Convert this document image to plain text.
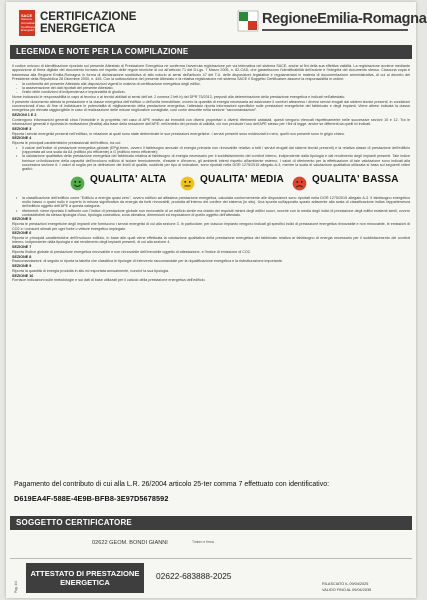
SACE
Sistema
Accreditamento
Certificatori
Energetici
CERTIFICAZIONE ENERGETICA
RegioneEmilia-Romagna
LEGENDA E NOTE PER LA COMPILAZIONE

Il codice univoco di identificazione riportato sul presente Attestato di Prestazione Energetica ne conferma l'avvenuta registrazione per via telematica nel sistema SACE, anche ai fini della sua effettiva validità. La registrazione avviene mediante apposizione di firma digitale del documento formato nel rispetto delle regole tecniche di cui all'articolo 71 del D.Lgs. 7 Marzo 2005, n. 82-CAD, che garantiscono l'identificabilità dell'autore e l'integrità del documento stesso. Ciascuna copia è trasmessa alla Regione Emilia-Romagna in forma di dichiarazione sostitutiva di atto notorio ai sensi dell'articolo 47 del T.U. delle disposizioni legislative e regolamentari in materia di documentazione amministrativa, di cui al decreto del Presidente della Repubblica 28 Dicembre 2000, n. 445. Con la sottoscrizione del presente Attestato e la relativa registrazione nel sistema SACE il Soggetto Certificatore assume la responsabilità in ordine:

- la conformità del presente Attestato alle disposizioni vigenti in materia di certificazione energetica degli edifici,
- la asseverazione dei dati riportati del presente Attestato,
- l'esito delle condizioni di indipendenza e imparzialità di giudizio.

Nome indicando le responsabilità in capo al tecnico o ai tecnici abilitati ai sensi dell'art. 2 comma 2 lett b) del DPR 75/2013, preposti alla determinazione della prestazione energetica e indicati nell'attestato.

Il presente documento attesta la prestazione e la classe energetica dell'edificio o dell'unità immobiliare, ovvero la quantità di energia necessaria ad assicurare il comfort attraverso i diversi servizi erogati dai sistemi tecnici presenti, in condizioni convenzionali d'uso. Al fine di individuare le potenzialità di miglioramento della prestazione energetica, l'attestato riporta informazioni specifiche sulle prestazioni energetiche del fabbricato e degli impianti. Viene altresì indicata la classe energetica più elevata raggiungibile in caso di realizzazione delle misure migliorative consigliate, così come descritte nella sezione "raccomandazioni".

SEZIONI 1 E 2

Contengono informazioni generali circa l'immobile e la proprietà; nel caso di APE relativo ad immobili con diversi proprietari o diversi riferimenti catastali, questi vengono elencati rispettivamente nelle successive sezioni 10 e 12. Tra le informazioni generali è riportata la motivazione (finalità) alla base della redazione dell'APE: nell'ambito del periodo di validità, ciò non preclude l'uso dell'APE stesso per i fini di legge, anche se differenti da quelli ivi indicati.

SEZIONE 3

Riporta i servizi energetici presenti nell'edificio, in relazione ai quali sono state determinate le sue prestazioni energetiche. I servizi presenti sono evidenziati in nero, quelli non presenti sono in grigio chiaro.

SEZIONE 4

Riporta le principali caratteristiche prestazionali dell'edificio, tra cui:

• il valore dell'indice di prestazione energetica globale (EPgl,tnren, ovvero il fabbisogno annuale di energia primaria non rinnovabile relativo a tutti i servizi erogati dai sistemi tecnici presenti) e la relativa classe di prestazione dell'edificio (rapportata ad una scala da A4 (edificio più efficiente) a G (edificio meno efficiente);
• la valutazione qualitativa della prestazione energetica del fabbricato relativa al fabbisogno di energia necessario per il soddisfacimento del comfort interno, indipendente dalla tipologia e dal rendimento degli impianti presenti. Tale indice fornisce un'indicazione della capacità dell'involucro edilizio di isolare termicamente, d'estate e d'inverno, gli ambienti interni rispetto all'ambiente esterno. I valori di riferimento per la effettuazione di tale valutazione sono indicati alla successiva sezione 6. I valori di soglia per la definizione dei livelli di qualità, suddivisi per tipo di indicatore, sono riportati nella DGR 1275/2015 allegato A-3, mentre la scala di valutazione qualitativa utilizzata si basa sui seguenti criteri grafici:
QUALITA' ALTA	QUALITA' MEDIA	QUALITA' BASSA
• la classificazione dell'edificio come "Edificio a energia quasi zero", ovvero edificio ad altissima prestazione energetica, calcolata conformemente alle disposizioni sono riportati nella DGR 1275/2015 allegato A-3. Il fabbisogno energetico molto basso o quasi nullo è coperto in misura significativa da energia da fonti rinnovabili, prodotta all'interno del confine del sistema (in situ). Una spunta sull'apposito spazio adiacente alla scala di classificazione indica l'appartenenza dell'edificio oggetto dell'APE a questa categoria.
• riferimenti: viene riportato il raffronto con l'indice di prestazione globale non rinnovabile di un edificio simile ma dotato dei requisiti minimi degli edifici nuovi, nonché con la media degli indici di prestazione degli edifici esistenti simili, ovvero contraddistinti da stessa tipologia d'uso, tipologia costruttiva, zona climatica, dimensioni ed esposizione di quello oggetto dell'attestato.

SEZIONE 5

Riporta le prestazioni energetiche degli impianti che forniscono i servizi energetici di cui alla sezione 3. In particolare, per ciascun impianto vengono indicati gli specifici indici di prestazione energetica rinnovabile e non rinnovabile, le emissioni di CO2 e i consumi stimati per ogni fonte o vettore energetico impiegato.

SEZIONE 6

Riporta le principali caratteristiche dell'involucro edilizio, in base alle quali viene effettuata la valutazione qualitativa della prestazione energetica del fabbricato relativa al fabbisogno di energia necessario per il soddisfacimento del comfort interno, indipendente dalla tipologia e dal rendimento degli impianti presenti, di cui alla sezione 4.

SEZIONE 7

Riporta l'indice globale di prestazione energetica rinnovabile e non rinnovabile dell'immobile oggetto di attestazione, e l'indice di emissione di CO2.

SEZIONE 8

Raccomandazioni: di seguito si riporta la tabella che classifica le tipologie di intervento raccomandate per la riqualificazione energetica e la ristrutturazione importante.

SEZIONE 9

Riporta la quantità di energia prodotta in situ ed esportata annualmente, nonché la sua tipologia.

SEZIONE 10

Fornisce indicazioni sulle metodologie e sui dati di base utilizzati per il calcolo della prestazione energetica dell'edificio.

Pagamento del contributo di cui alla L.R. 26/2004 articolo 25-ter comma 7 effettuato con identificativo:
D619EA4F-588E-4E9B-BFB8-3E97D5678592
SOGGETTO CERTIFICATORE
02622 GEOM. BONDI GIANNI	Timbro e firma
Pag. 4/4
ATTESTATO DI PRESTAZIONE ENERGETICA
02622-683888-2025
RILASCIATO IL 09/04/2025
VALIDO FINO AL 09/04/2035
